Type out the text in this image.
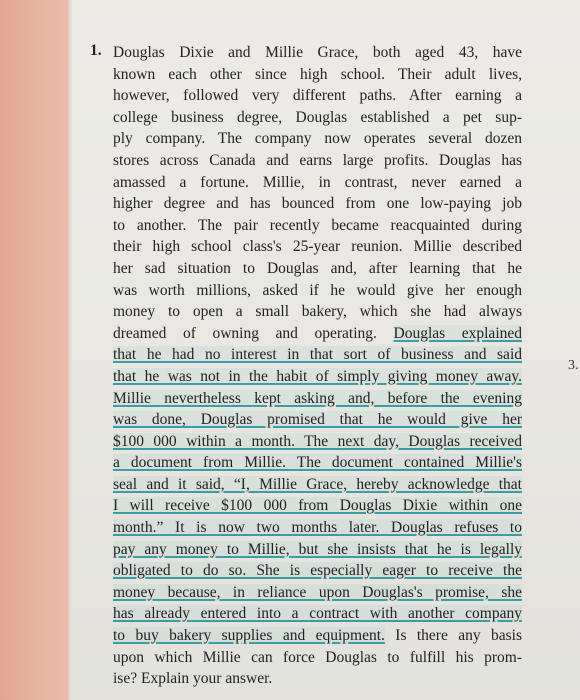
1. Douglas Dixie and Millie Grace, both aged 43, have
known each other since high school. Their adult lives,
however, followed very different paths. After earning a
college business degree, Douglas established a pet sup-
ply company. The company now operates several dozen
stores across Canada and earns large profits. Douglas has
amassed a fortune. Millie, in contrast, never earned a
higher degree and has bounced from one low-paying job
to another. The pair recently became reacquainted during
their high school class's 25-year reunion. Millie described
her sad situation to Douglas and, after learning that he
was worth millions, asked if he would give her enough
money to open a small bakery, which she had always
dreamed of owning and operating. Douglas explained
that he had no interest in that sort of business and said
that he was not in the habit of simply giving money away.
Millie nevertheless kept asking and, before the evening
was done, Douglas promised that he would give her
$100 000 within a month. The next day, Douglas received
a document from Millie. The document contained Millie's
seal and it said, “I, Millie Grace, hereby acknowledge that
I will receive $100 000 from Douglas Dixie within one
month.” It is now two months later. Douglas refuses to
pay any money to Millie, but she insists that he is legally
obligated to do so. She is especially eager to receive the
money because, in reliance upon Douglas's promise, she
has already entered into a contract with another company
to buy bakery supplies and equipment. Is there any basis
upon which Millie can force Douglas to fulfill his prom-
ise? Explain your answer.
3.
